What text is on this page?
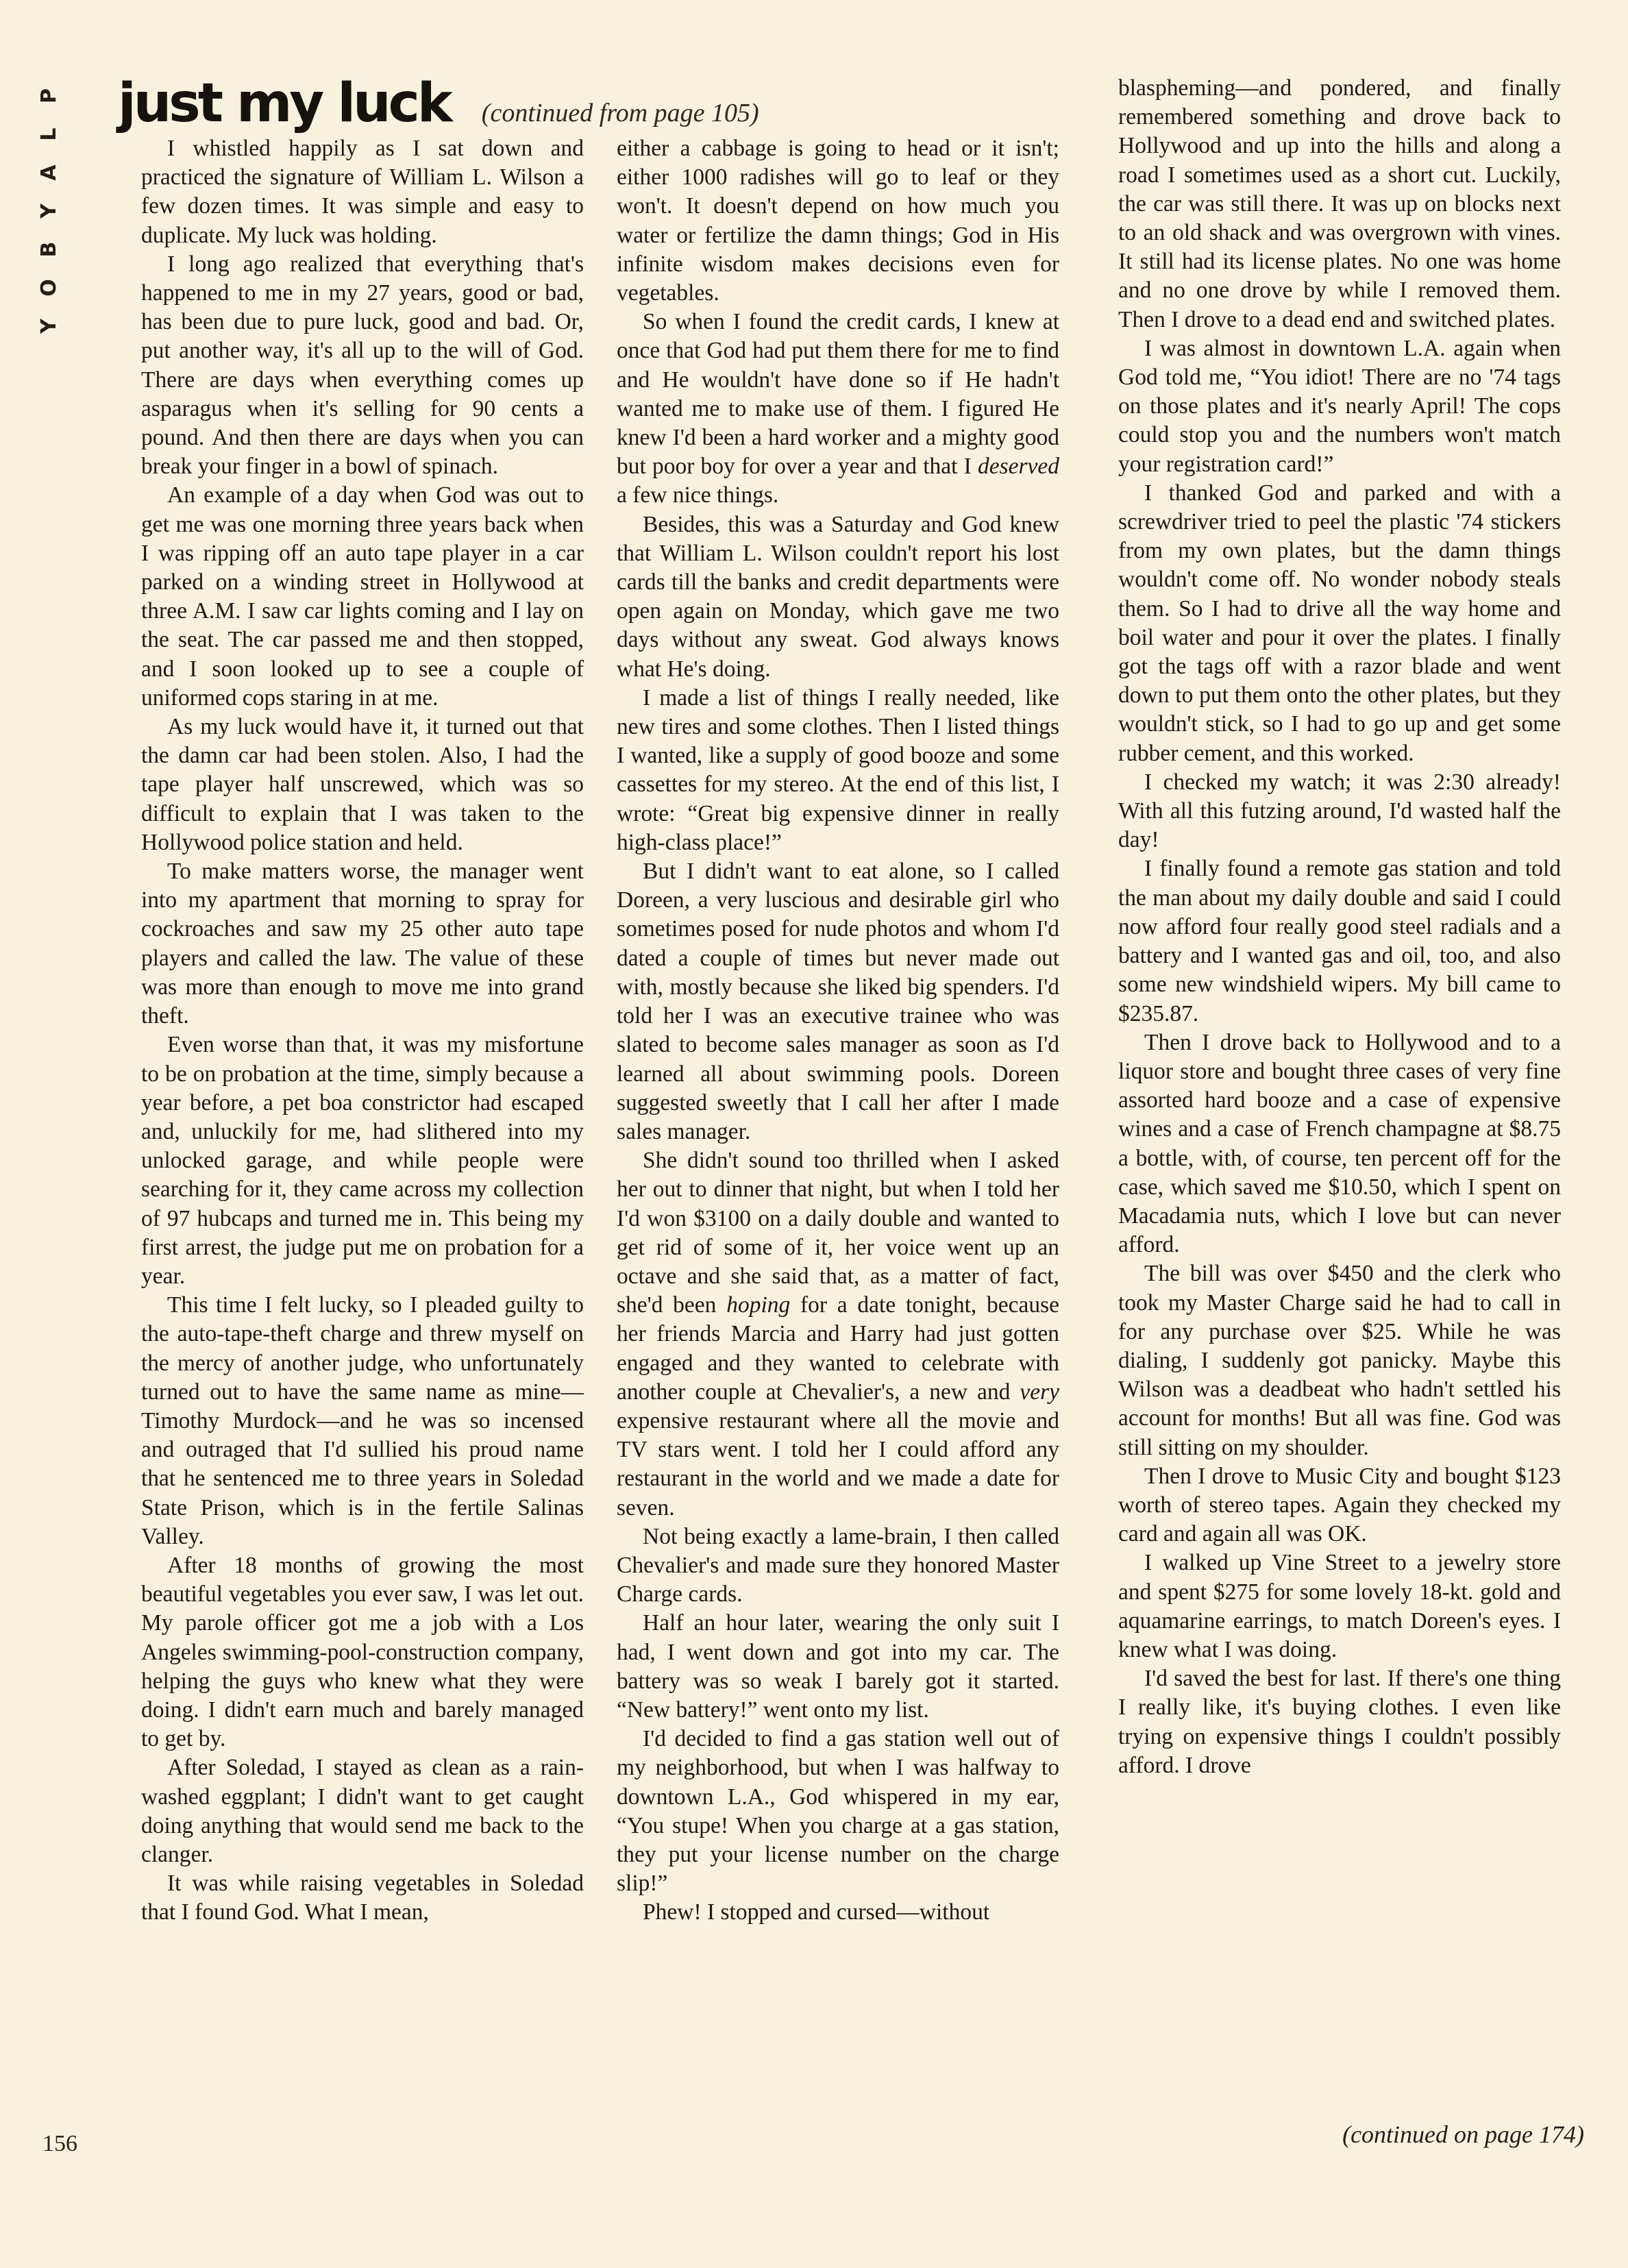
P
L
A
Y
B
O
Y
just my luck (continued from page 105)

I whistled happily as I sat down and practiced the signature of William L. Wilson a few dozen times. It was simple and easy to duplicate. My luck was holding.

I long ago realized that everything that's happened to me in my 27 years, good or bad, has been due to pure luck, good and bad. Or, put another way, it's all up to the will of God. There are days when everything comes up asparagus when it's selling for 90 cents a pound. And then there are days when you can break your finger in a bowl of spinach.

An example of a day when God was out to get me was one morning three years back when I was ripping off an auto tape player in a car parked on a winding street in Hollywood at three A.M. I saw car lights coming and I lay on the seat. The car passed me and then stopped, and I soon looked up to see a couple of uniformed cops staring in at me.

As my luck would have it, it turned out that the damn car had been stolen. Also, I had the tape player half unscrewed, which was so difficult to explain that I was taken to the Hollywood police station and held.

To make matters worse, the manager went into my apartment that morning to spray for cockroaches and saw my 25 other auto tape players and called the law. The value of these was more than enough to move me into grand theft.

Even worse than that, it was my misfortune to be on probation at the time, simply because a year before, a pet boa constrictor had escaped and, unluckily for me, had slithered into my unlocked garage, and while people were searching for it, they came across my collection of 97 hubcaps and turned me in. This being my first arrest, the judge put me on probation for a year.

This time I felt lucky, so I pleaded guilty to the auto-tape-theft charge and threw myself on the mercy of another judge, who unfortunately turned out to have the same name as mine—Timothy Murdock—and he was so incensed and outraged that I'd sullied his proud name that he sentenced me to three years in Soledad State Prison, which is in the fertile Salinas Valley.

After 18 months of growing the most beautiful vegetables you ever saw, I was let out. My parole officer got me a job with a Los Angeles swimming-pool-construction company, helping the guys who knew what they were doing. I didn't earn much and barely managed to get by.

After Soledad, I stayed as clean as a rain-washed eggplant; I didn't want to get caught doing anything that would send me back to the clanger.

It was while raising vegetables in Soledad that I found God. What I mean,

either a cabbage is going to head or it isn't; either 1000 radishes will go to leaf or they won't. It doesn't depend on how much you water or fertilize the damn things; God in His infinite wisdom makes decisions even for vegetables.

So when I found the credit cards, I knew at once that God had put them there for me to find and He wouldn't have done so if He hadn't wanted me to make use of them. I figured He knew I'd been a hard worker and a mighty good but poor boy for over a year and that I deserved a few nice things.

Besides, this was a Saturday and God knew that William L. Wilson couldn't report his lost cards till the banks and credit departments were open again on Monday, which gave me two days without any sweat. God always knows what He's doing.

I made a list of things I really needed, like new tires and some clothes. Then I listed things I wanted, like a supply of good booze and some cassettes for my stereo. At the end of this list, I wrote: “Great big expensive dinner in really high-class place!”

But I didn't want to eat alone, so I called Doreen, a very luscious and desirable girl who sometimes posed for nude photos and whom I'd dated a couple of times but never made out with, mostly because she liked big spenders. I'd told her I was an executive trainee who was slated to become sales manager as soon as I'd learned all about swimming pools. Doreen suggested sweetly that I call her after I made sales manager.

She didn't sound too thrilled when I asked her out to dinner that night, but when I told her I'd won $3100 on a daily double and wanted to get rid of some of it, her voice went up an octave and she said that, as a matter of fact, she'd been hoping for a date tonight, because her friends Marcia and Harry had just gotten engaged and they wanted to celebrate with another couple at Chevalier's, a new and very expensive restaurant where all the movie and TV stars went. I told her I could afford any restaurant in the world and we made a date for seven.

Not being exactly a lame-brain, I then called Chevalier's and made sure they honored Master Charge cards.

Half an hour later, wearing the only suit I had, I went down and got into my car. The battery was so weak I barely got it started. “New battery!” went onto my list.

I'd decided to find a gas station well out of my neighborhood, but when I was halfway to downtown L.A., God whispered in my ear, “You stupe! When you charge at a gas station, they put your license number on the charge slip!”

Phew! I stopped and cursed—without

blaspheming—and pondered, and finally remembered something and drove back to Hollywood and up into the hills and along a road I sometimes used as a short cut. Luckily, the car was still there. It was up on blocks next to an old shack and was overgrown with vines. It still had its license plates. No one was home and no one drove by while I removed them. Then I drove to a dead end and switched plates.

I was almost in downtown L.A. again when God told me, “You idiot! There are no '74 tags on those plates and it's nearly April! The cops could stop you and the numbers won't match your registration card!”

I thanked God and parked and with a screwdriver tried to peel the plastic '74 stickers from my own plates, but the damn things wouldn't come off. No wonder nobody steals them. So I had to drive all the way home and boil water and pour it over the plates. I finally got the tags off with a razor blade and went down to put them onto the other plates, but they wouldn't stick, so I had to go up and get some rubber cement, and this worked.

I checked my watch; it was 2:30 already! With all this futzing around, I'd wasted half the day!

I finally found a remote gas station and told the man about my daily double and said I could now afford four really good steel radials and a battery and I wanted gas and oil, too, and also some new windshield wipers. My bill came to $235.87.

Then I drove back to Hollywood and to a liquor store and bought three cases of very fine assorted hard booze and a case of expensive wines and a case of French champagne at $8.75 a bottle, with, of course, ten percent off for the case, which saved me $10.50, which I spent on Macadamia nuts, which I love but can never afford.

The bill was over $450 and the clerk who took my Master Charge said he had to call in for any purchase over $25. While he was dialing, I suddenly got panicky. Maybe this Wilson was a deadbeat who hadn't settled his account for months! But all was fine. God was still sitting on my shoulder.

Then I drove to Music City and bought $123 worth of stereo tapes. Again they checked my card and again all was OK.

I walked up Vine Street to a jewelry store and spent $275 for some lovely 18-kt. gold and aquamarine earrings, to match Doreen's eyes. I knew what I was doing.

I'd saved the best for last. If there's one thing I really like, it's buying clothes. I even like trying on expensive things I couldn't possibly afford. I drove

156	(continued on page 174)
